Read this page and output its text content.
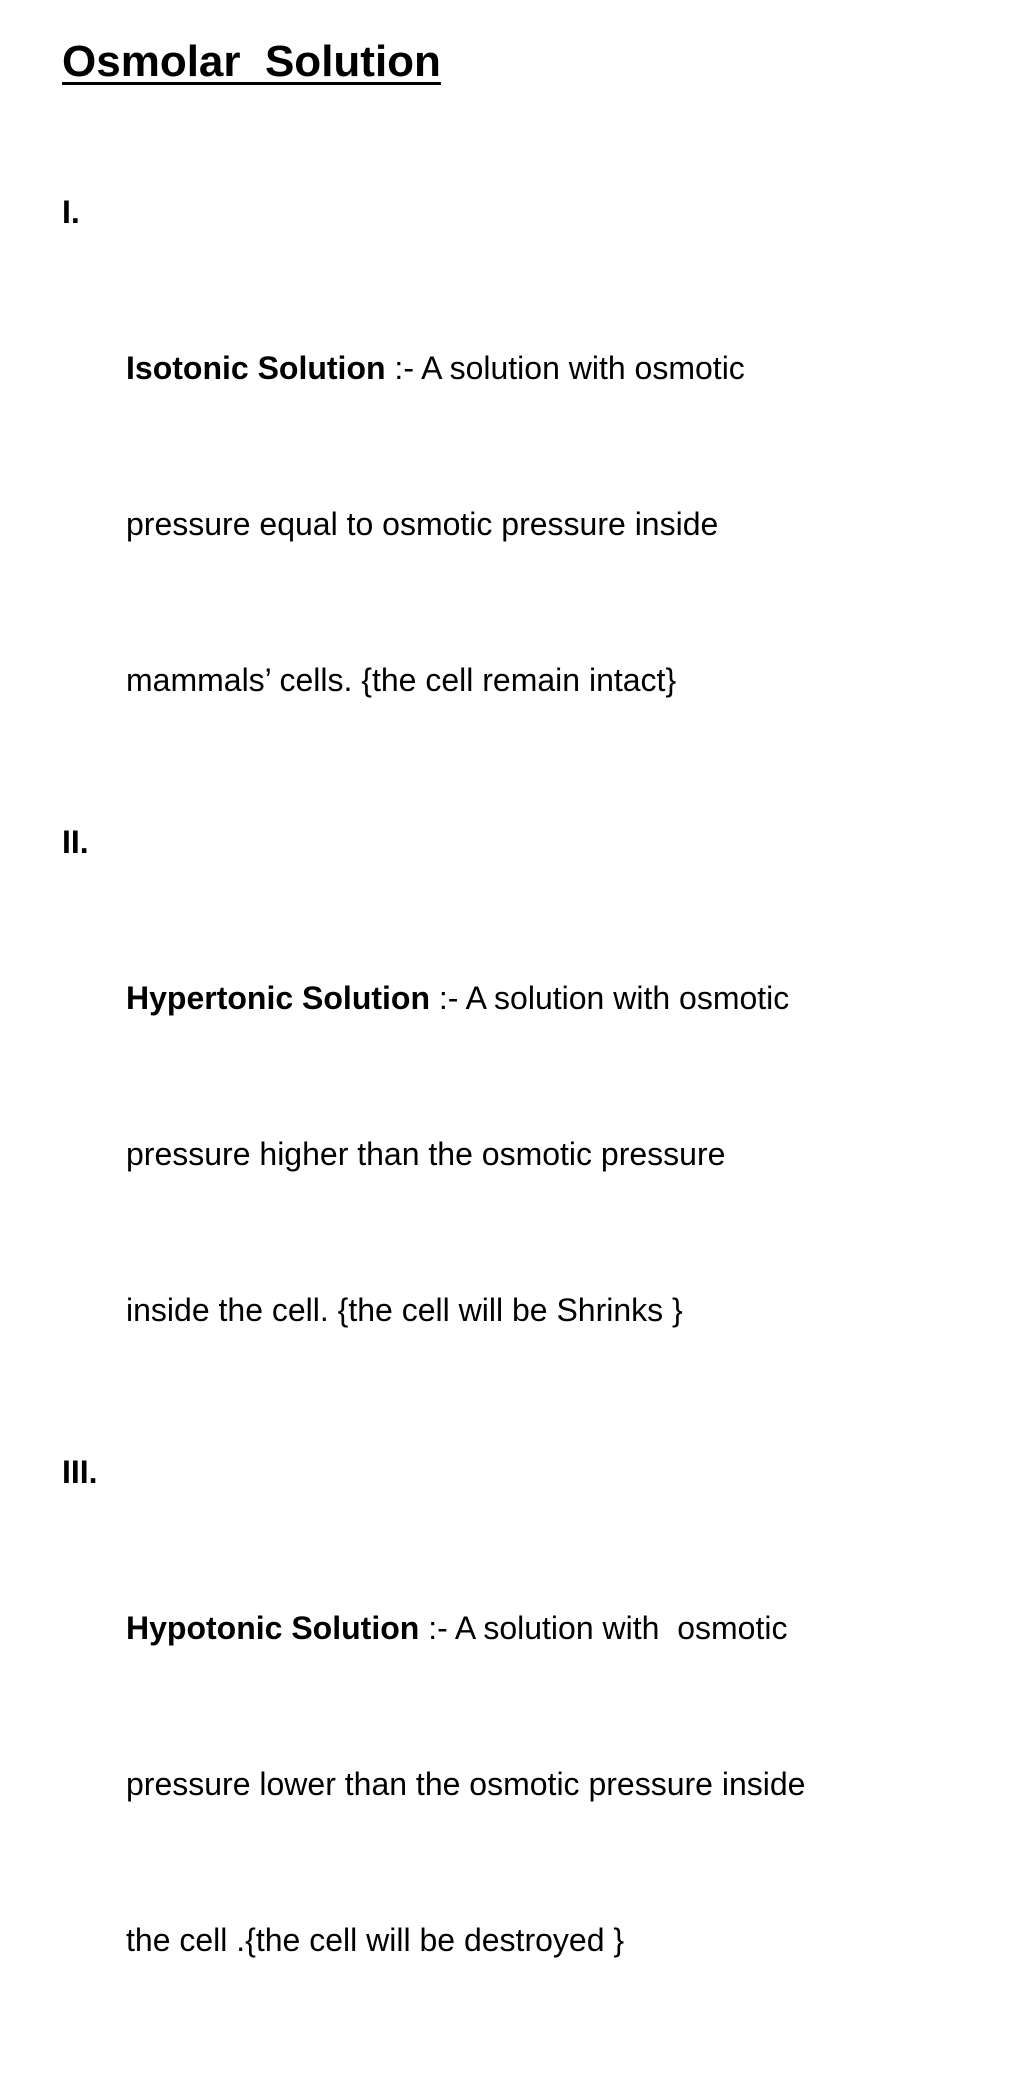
Osmolar  Solution

I.

Isotonic Solution :- A solution with osmotic

pressure equal to osmotic pressure inside

mammals’ cells. {the cell remain intact}

II.

Hypertonic Solution :- A solution with osmotic

pressure higher than the osmotic pressure

inside the cell. {the cell will be Shrinks }

III.

Hypotonic Solution :- A solution with  osmotic

pressure lower than the osmotic pressure inside

the cell .{the cell will be destroyed }
